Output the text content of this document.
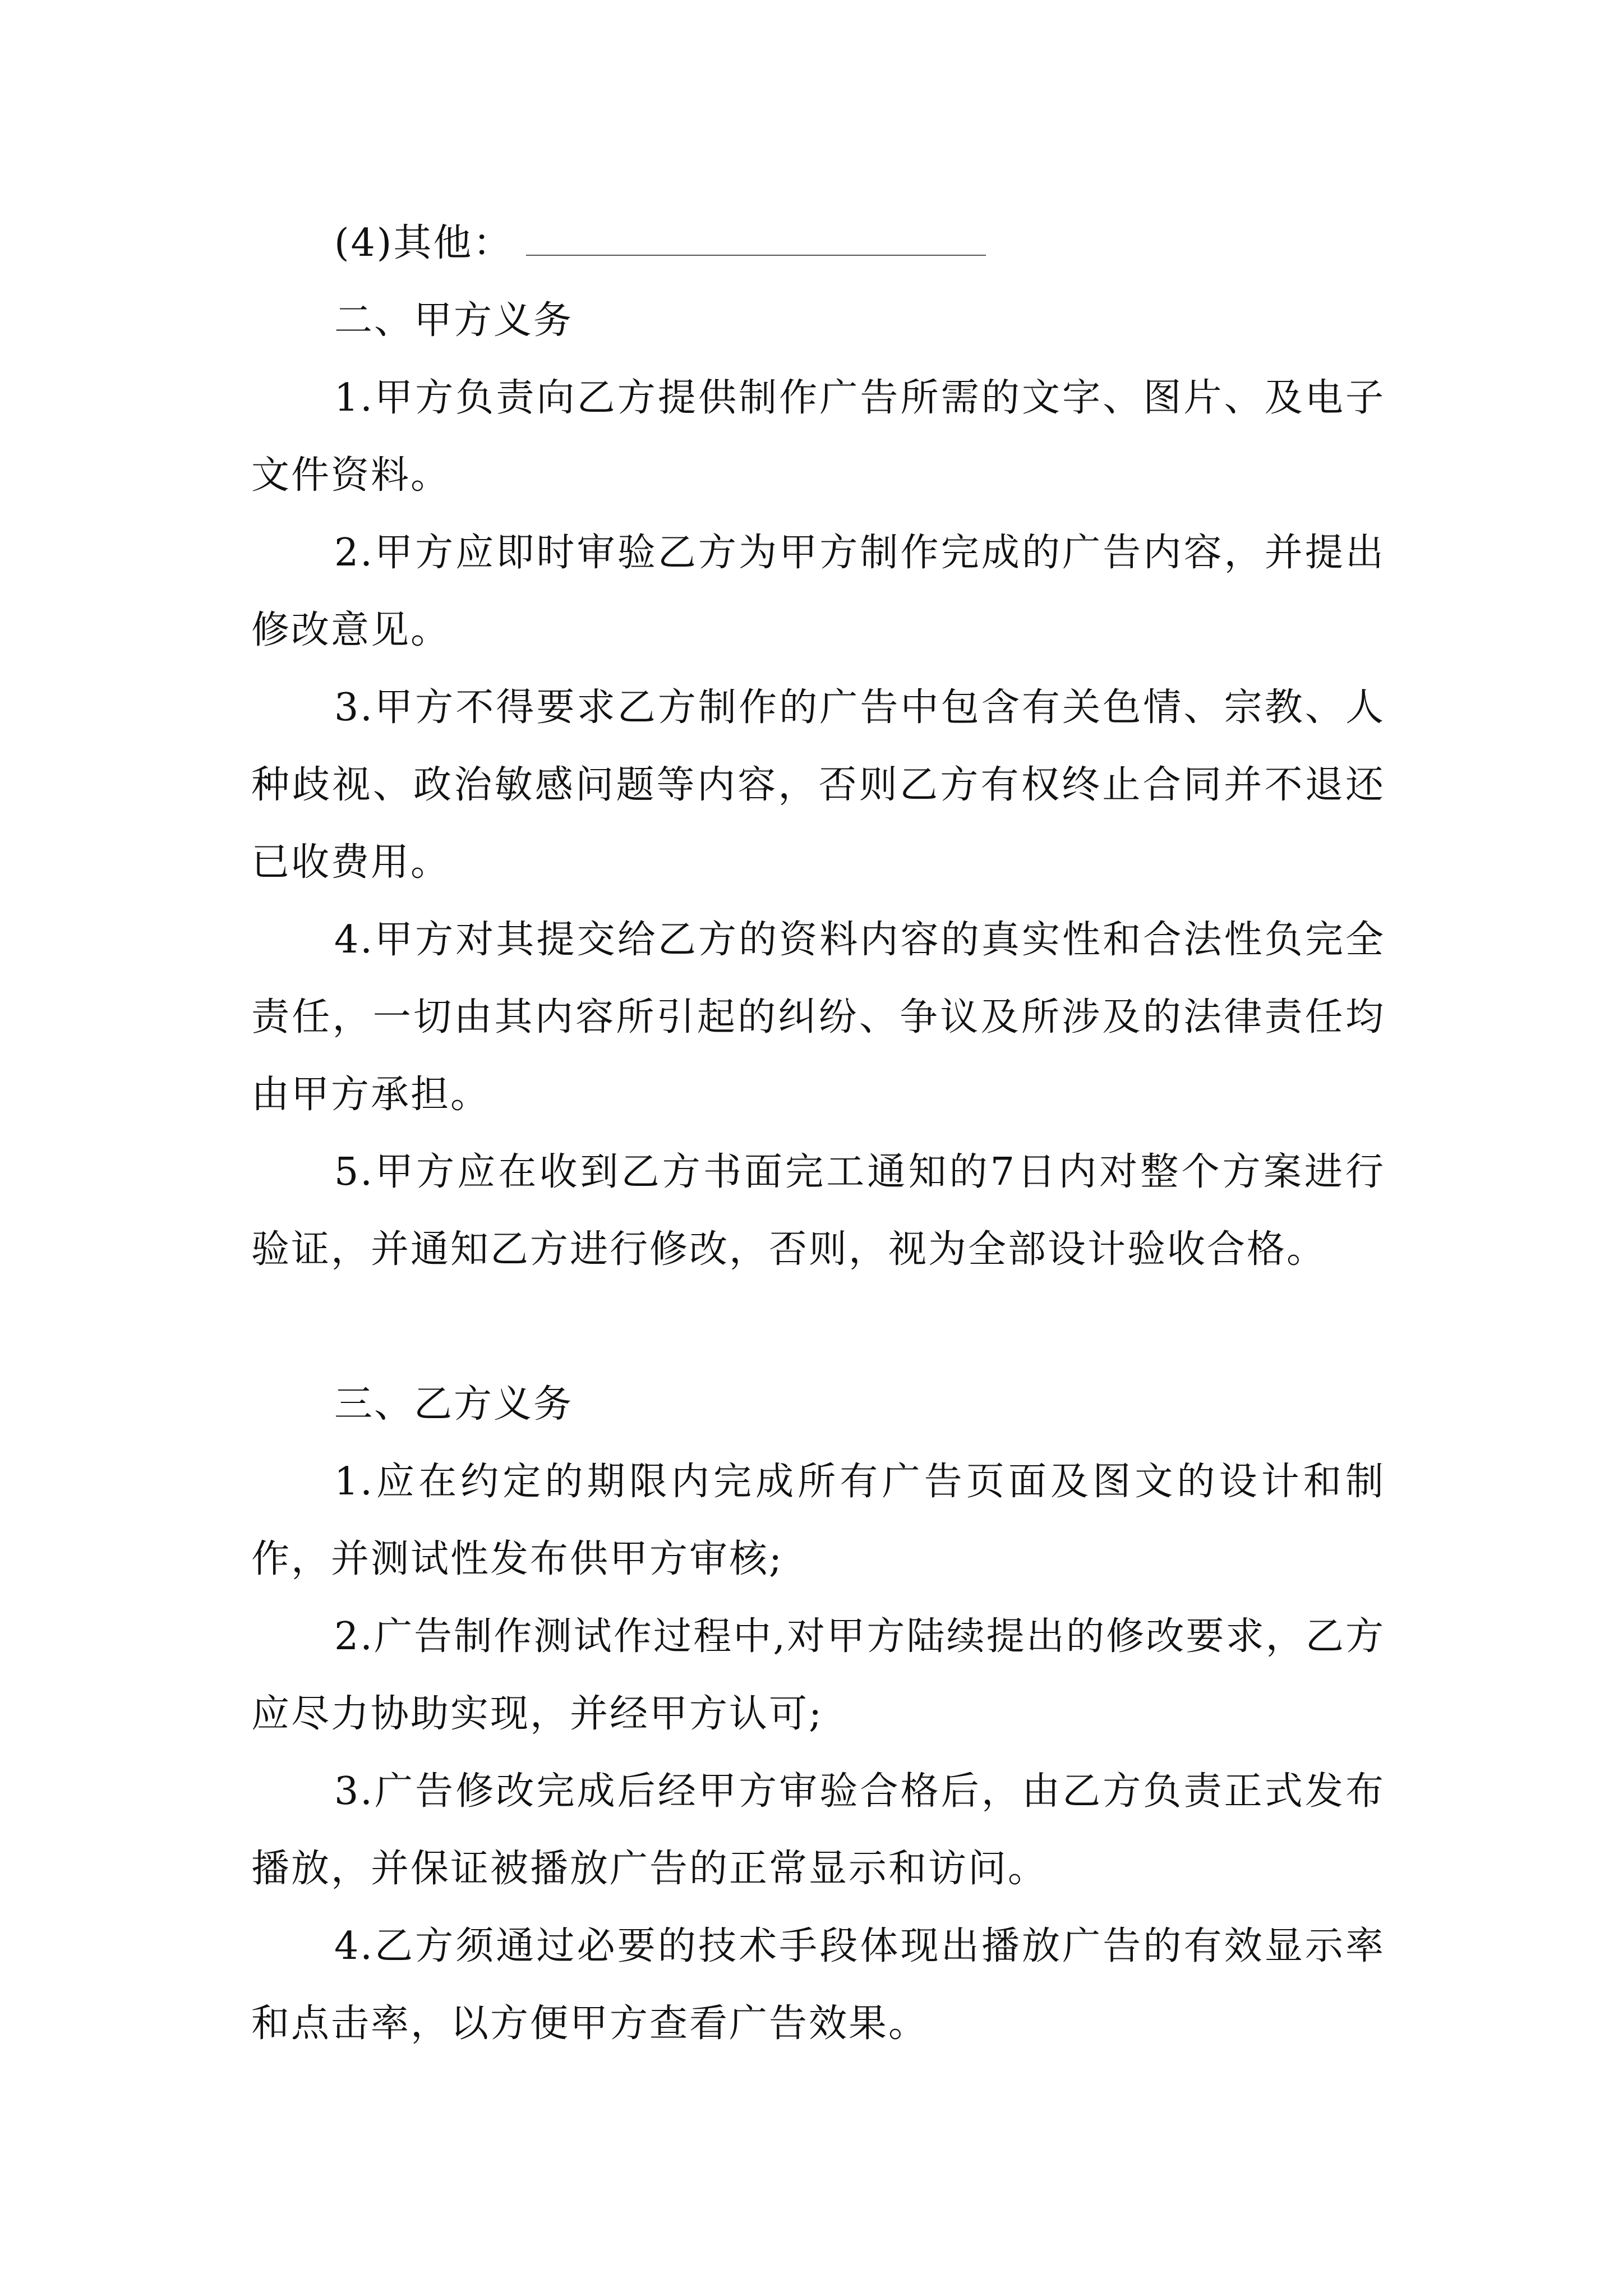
(4)其他：

二、甲方义务

1.甲方负责向乙方提供制作广告所需的文字、图片、及电子文件资料。

2.甲方应即时审验乙方为甲方制作完成的广告内容，并提出修改意见。

3.甲方不得要求乙方制作的广告中包含有关色情、宗教、人种歧视、政治敏感问题等内容，否则乙方有权终止合同并不退还已收费用。

4.甲方对其提交给乙方的资料内容的真实性和合法性负完全责任，一切由其内容所引起的纠纷、争议及所涉及的法律责任均由甲方承担。

5.甲方应在收到乙方书面完工通知的7日内对整个方案进行验证，并通知乙方进行修改，否则，视为全部设计验收合格。

三、乙方义务

1.应在约定的期限内完成所有广告页面及图文的设计和制作，并测试性发布供甲方审核;

2.广告制作测试作过程中,对甲方陆续提出的修改要求，乙方应尽力协助实现，并经甲方认可;

3.广告修改完成后经甲方审验合格后，由乙方负责正式发布播放，并保证被播放广告的正常显示和访问。

4.乙方须通过必要的技术手段体现出播放广告的有效显示率和点击率，以方便甲方查看广告效果。
